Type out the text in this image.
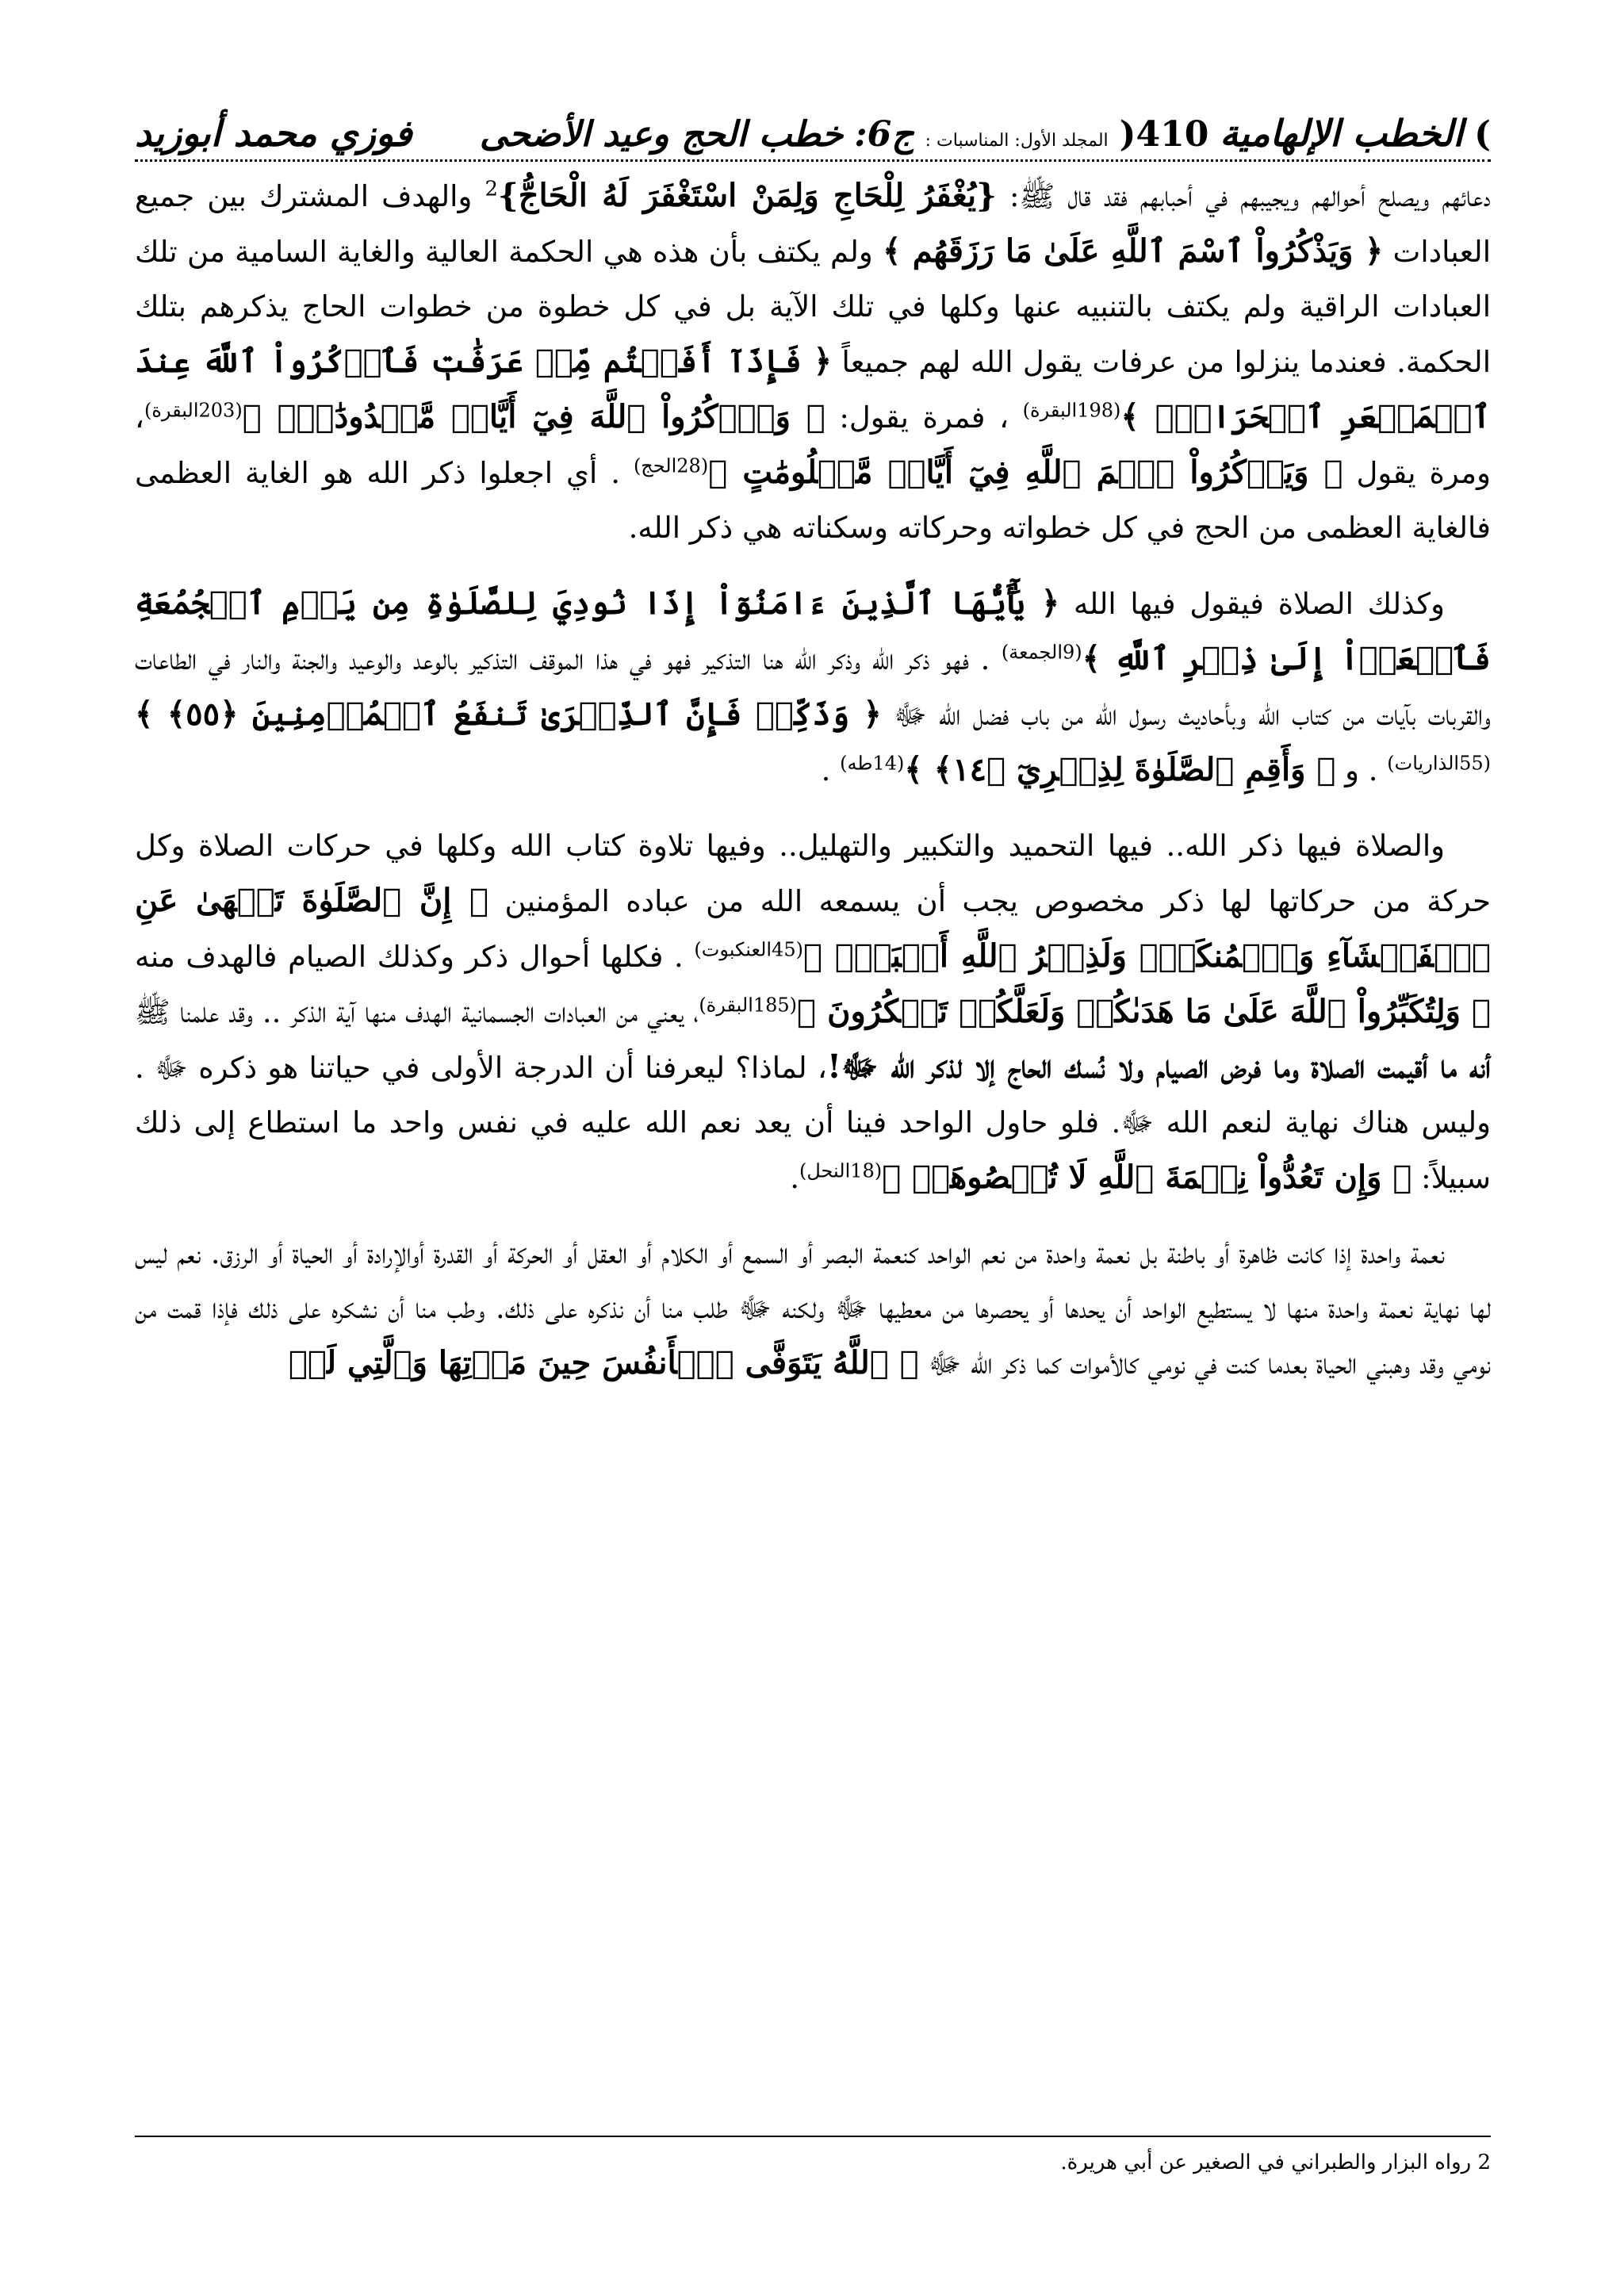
)
الخطب الإلهامية
410(
المجلد الأول: المناسبات :
ج6:
خطب الحج وعيد الأضحى
فوزي محمد أبوزيد

دعائهم ويصلح أحوالهم ويجيبهم في أحبابهم فقد قال ﷺ: {يُغْفَرُ لِلْحَاجِ وَلِمَنْ اسْتَغْفَرَ لَهُ الْحَاجُّ}$^2$ والهدف المشترك بين جميع العبادات ﴿ وَيَذْكُرُواْ ٱسْمَ ٱللَّهِ عَلَىٰ مَا رَزَقَهُم ﴾ ولم يكتف بأن هذه هي الحكمة العالية والغاية السامية من تلك العبادات الراقية ولم يكتف بالتنبيه عنها وكلها في تلك الآية بل في كل خطوة من خطوات الحاج يذكرهم بتلك الحكمة. فعندما ينزلوا من عرفات يقول الله لهم جميعاً ﴿ فَإِذَآ أَفَضۡتُم مِّنۡ عَرَفَٰتٖ فَٱذۡكُرُواْ ٱللَّهَ عِندَ ٱلۡمَشۡعَرِ ٱلۡحَرَامِۖ ﴾$^{(198البقرة)}$ ، فمرة يقول: ﴿ وَٱذۡكُرُواْ ٱللَّهَ فِيٓ أَيَّامٖ مَّعۡدُودَٰتٖۚ ﴾$^{(203البقرة)}$، ومرة يقول ﴿ وَيَذۡكُرُواْ ٱسۡمَ ٱللَّهِ فِيٓ أَيَّامٖ مَّعۡلُومَٰتٍ ﴾$^{(28الحج)}$ . أي اجعلوا ذكر الله هو الغاية العظمى فالغاية العظمى من الحج في كل خطواته وحركاته وسكناته هي ذكر الله.

وكذلك الصلاة فيقول فيها الله ﴿ يَٰٓأَيُّهَا ٱلَّذِينَ ءَامَنُوٓاْ إِذَا نُودِيَ لِلصَّلَوٰةِ مِن يَوۡمِ ٱلۡجُمُعَةِ فَٱسۡعَوۡاْ إِلَىٰ ذِكۡرِ ٱللَّهِ ﴾$^{(9الجمعة)}$ . فهو ذكر الله وذكر الله هنا التذكير فهو في هذا الموقف التذكير بالوعد والوعيد والجنة والنار في الطاعات والقربات بآيات من كتاب الله وبأحاديث رسول الله من باب فضل الله ﷻ ﴿ وَذَكِّرۡ فَإِنَّ ٱلذِّكۡرَىٰ تَنفَعُ ٱلۡمُؤۡمِنِينَ ﴿٥٥﴾ ﴾$^{(55الذاريات)}$ . و ﴿ وَأَقِمِ ٱلصَّلَوٰةَ لِذِكۡرِيٓ ﴿١٤﴾ ﴾$^{(14طه)}$ .

والصلاة فيها ذكر الله.. فيها التحميد والتكبير والتهليل.. وفيها تلاوة كتاب الله وكلها في حركات الصلاة وكل حركة من حركاتها لها ذكر مخصوص يجب أن يسمعه الله من عباده المؤمنين ﴿ إِنَّ ٱلصَّلَوٰةَ تَنۡهَىٰ عَنِ ٱلۡفَحۡشَآءِ وَٱلۡمُنكَرِۗ وَلَذِكۡرُ ٱللَّهِ أَكۡبَرُۗ ﴾$^{(45العنكبوت)}$ . فكلها أحوال ذكر وكذلك الصيام فالهدف منه ﴿ وَلِتُكَبِّرُواْ ٱللَّهَ عَلَىٰ مَا هَدَىٰكُمۡ وَلَعَلَّكُمۡ تَشۡكُرُونَ ﴾$^{(185البقرة)}$، يعني من العبادات الجسمانية الهدف منها آية الذكر .. وقد علمنا ﷺ أنه ما أقيمت الصلاة وما فرض الصيام ولا نُسك الحاج إلا لذكر الله ﷻ!، لماذا؟ ليعرفنا أن الدرجة الأولى في حياتنا هو ذكره ﷻ . وليس هناك نهاية لنعم الله ﷻ. فلو حاول الواحد فينا أن يعد نعم الله عليه في نفس واحد ما استطاع إلى ذلك سبيلاً: ﴿ وَإِن تَعُدُّواْ نِعۡمَةَ ٱللَّهِ لَا تُحۡصُوهَآۗ ﴾$^{(18النحل)}$.

نعمة واحدة إذا كانت ظاهرة أو باطنة بل نعمة واحدة من نعم الواحد كنعمة البصر أو السمع أو الكلام أو العقل أو الحركة أو القدرة أوالإرادة أو الحياة أو الرزق. نعم ليس لها نهاية نعمة واحدة منها لا يستطيع الواحد أن يحدها أو يحصرها من معطيها ﷻ ولكنه ﷻ طلب منا أن نذكره على ذلك. وطب منا أن نشكره على ذلك فإذا قمت من نومي وقد وهبني الحياة بعدما كنت في نومي كالأموات كما ذكر الله ﷻ ﴿ ٱللَّهُ يَتَوَفَّى ٱلۡأَنفُسَ حِينَ مَوۡتِهَا وَٱلَّتِي لَمۡ

2 رواه البزار والطبراني في الصغير عن أبي هريرة.
